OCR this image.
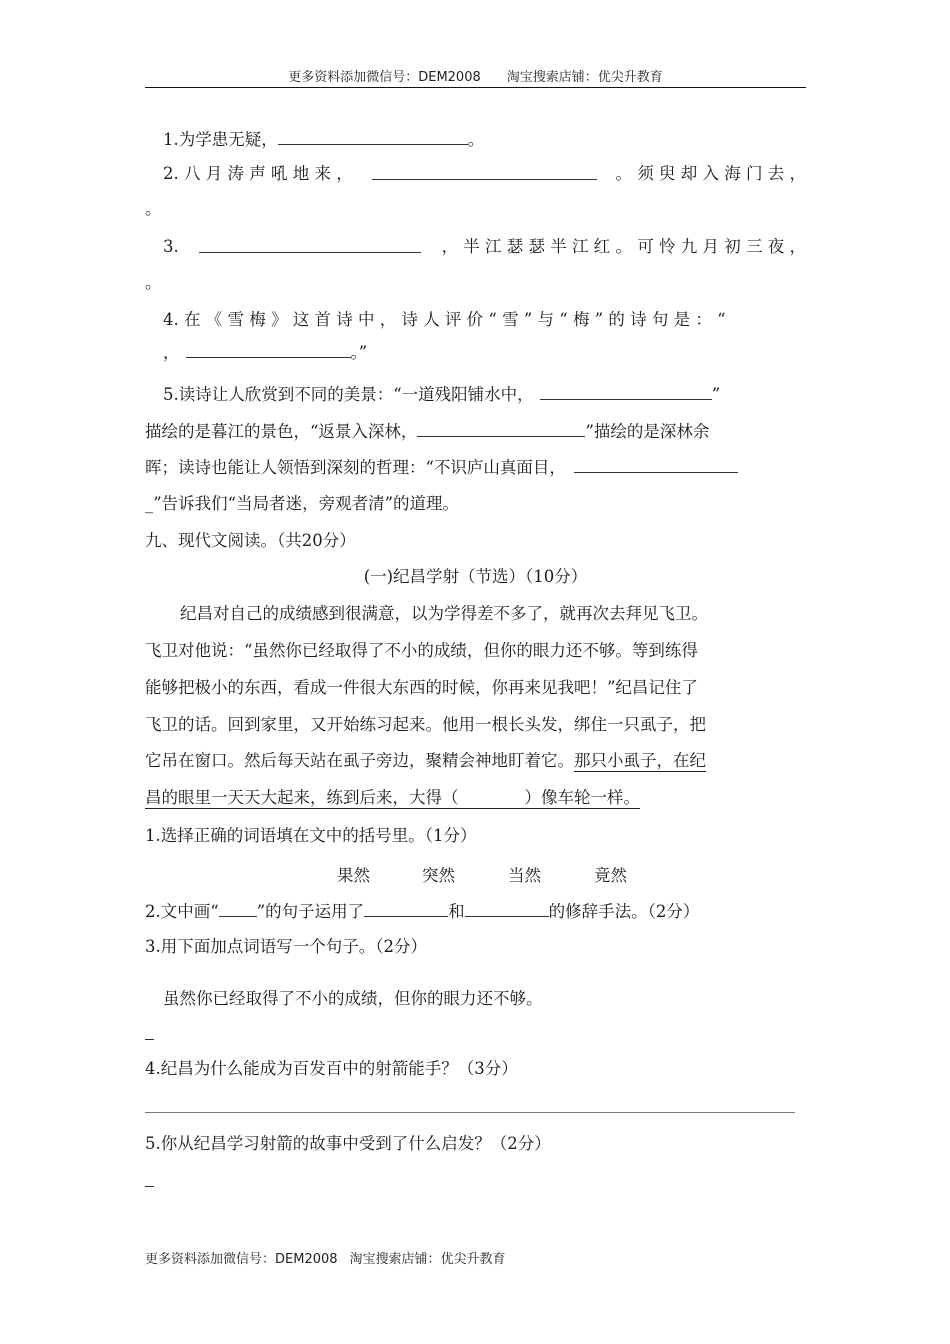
更多资料添加微信号：DEM2008 淘宝搜索店铺：优尖升教育
1.为学患无疑，	。
2. 八 月 涛 声 吼 地 来 ，	。 须 臾 却 入 海 门 去 ，
。
3.	， 半 江 瑟 瑟 半 江 红 。 可 怜 九 月 初 三 夜 ，
。
4. 在 《 雪 梅 》 这 首 诗 中 ， 诗 人 评 价 “ 雪 ” 与 “ 梅 ” 的 诗 句 是 ： “
，	。”
5.读诗让人欣赏到不同的美景：“一道残阳铺水中，	”
描绘的是暮江的景色，“返景入深林，	”描绘的是深林余
晖；读诗也能让人领悟到深刻的哲理：“不识庐山真面目，
_”告诉我们“当局者迷，旁观者清”的道理。
九、现代文阅读。（共20分）
(一)纪昌学射（节选）（10分）
纪昌对自己的成绩感到很满意，以为学得差不多了，就再次去拜见飞卫。
飞卫对他说：“虽然你已经取得了不小的成绩，但你的眼力还不够。等到练得
能够把极小的东西，看成一件很大东西的时候，你再来见我吧！”纪昌记住了
飞卫的话。回到家里，又开始练习起来。他用一根长头发，绑住一只虱子，把
它吊在窗口。然后每天站在虱子旁边，聚精会神地盯着它。那只小虱子，在纪
昌的眼里一天天大起来，练到后来，大得（　　　　）像车轮一样。
1.选择正确的词语填在文中的括号里。（1分）
果然	突然	当然	竟然
2.文中画“ ”的句子运用了	和	的修辞手法。（2分）
3.用下面加点词语写一个句子。（2分）
虽然你已经取得了不小的成绩，但你的眼力还不够。
4.纪昌为什么能成为百发百中的射箭能手？（3分）
5.你从纪昌学习射箭的故事中受到了什么启发？（2分）
更多资料添加微信号：DEM2008 淘宝搜索店铺：优尖升教育
